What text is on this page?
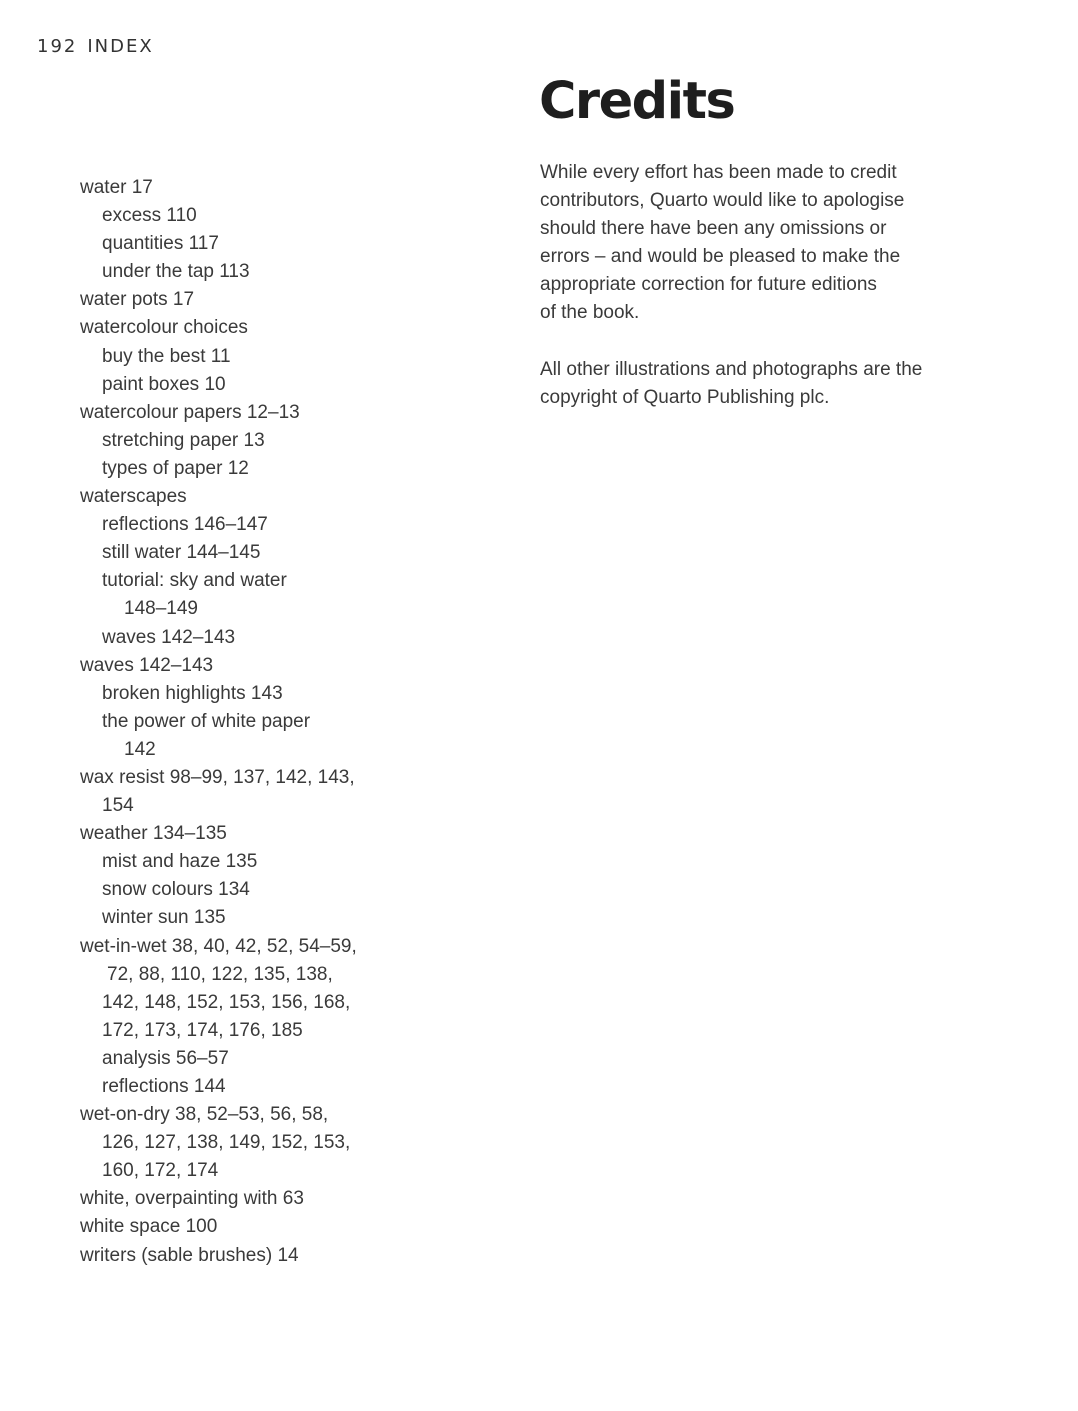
192 INDEX
water 17
excess 110
quantities 117
under the tap 113
water pots 17
watercolour choices
buy the best 11
paint boxes 10
watercolour papers 12–13
stretching paper 13
types of paper 12
waterscapes
reflections 146–147
still water 144–145
tutorial: sky and water
148–149
waves 142–143
waves 142–143
broken highlights 143
the power of white paper
142
wax resist 98–99, 137, 142, 143,
154
weather 134–135
mist and haze 135
snow colours 134
winter sun 135
wet-in-wet 38, 40, 42, 52, 54–59,
72, 88, 110, 122, 135, 138,
142, 148, 152, 153, 156, 168,
172, 173, 174, 176, 185
analysis 56–57
reflections 144
wet-on-dry 38, 52–53, 56, 58,
126, 127, 138, 149, 152, 153,
160, 172, 174
white, overpainting with 63
white space 100
writers (sable brushes) 14
Credits

While every effort has been made to credit
contributors, Quarto would like to apologise
should there have been any omissions or
errors – and would be pleased to make the
appropriate correction for future editions
of the book.

All other illustrations and photographs are the
copyright of Quarto Publishing plc.
